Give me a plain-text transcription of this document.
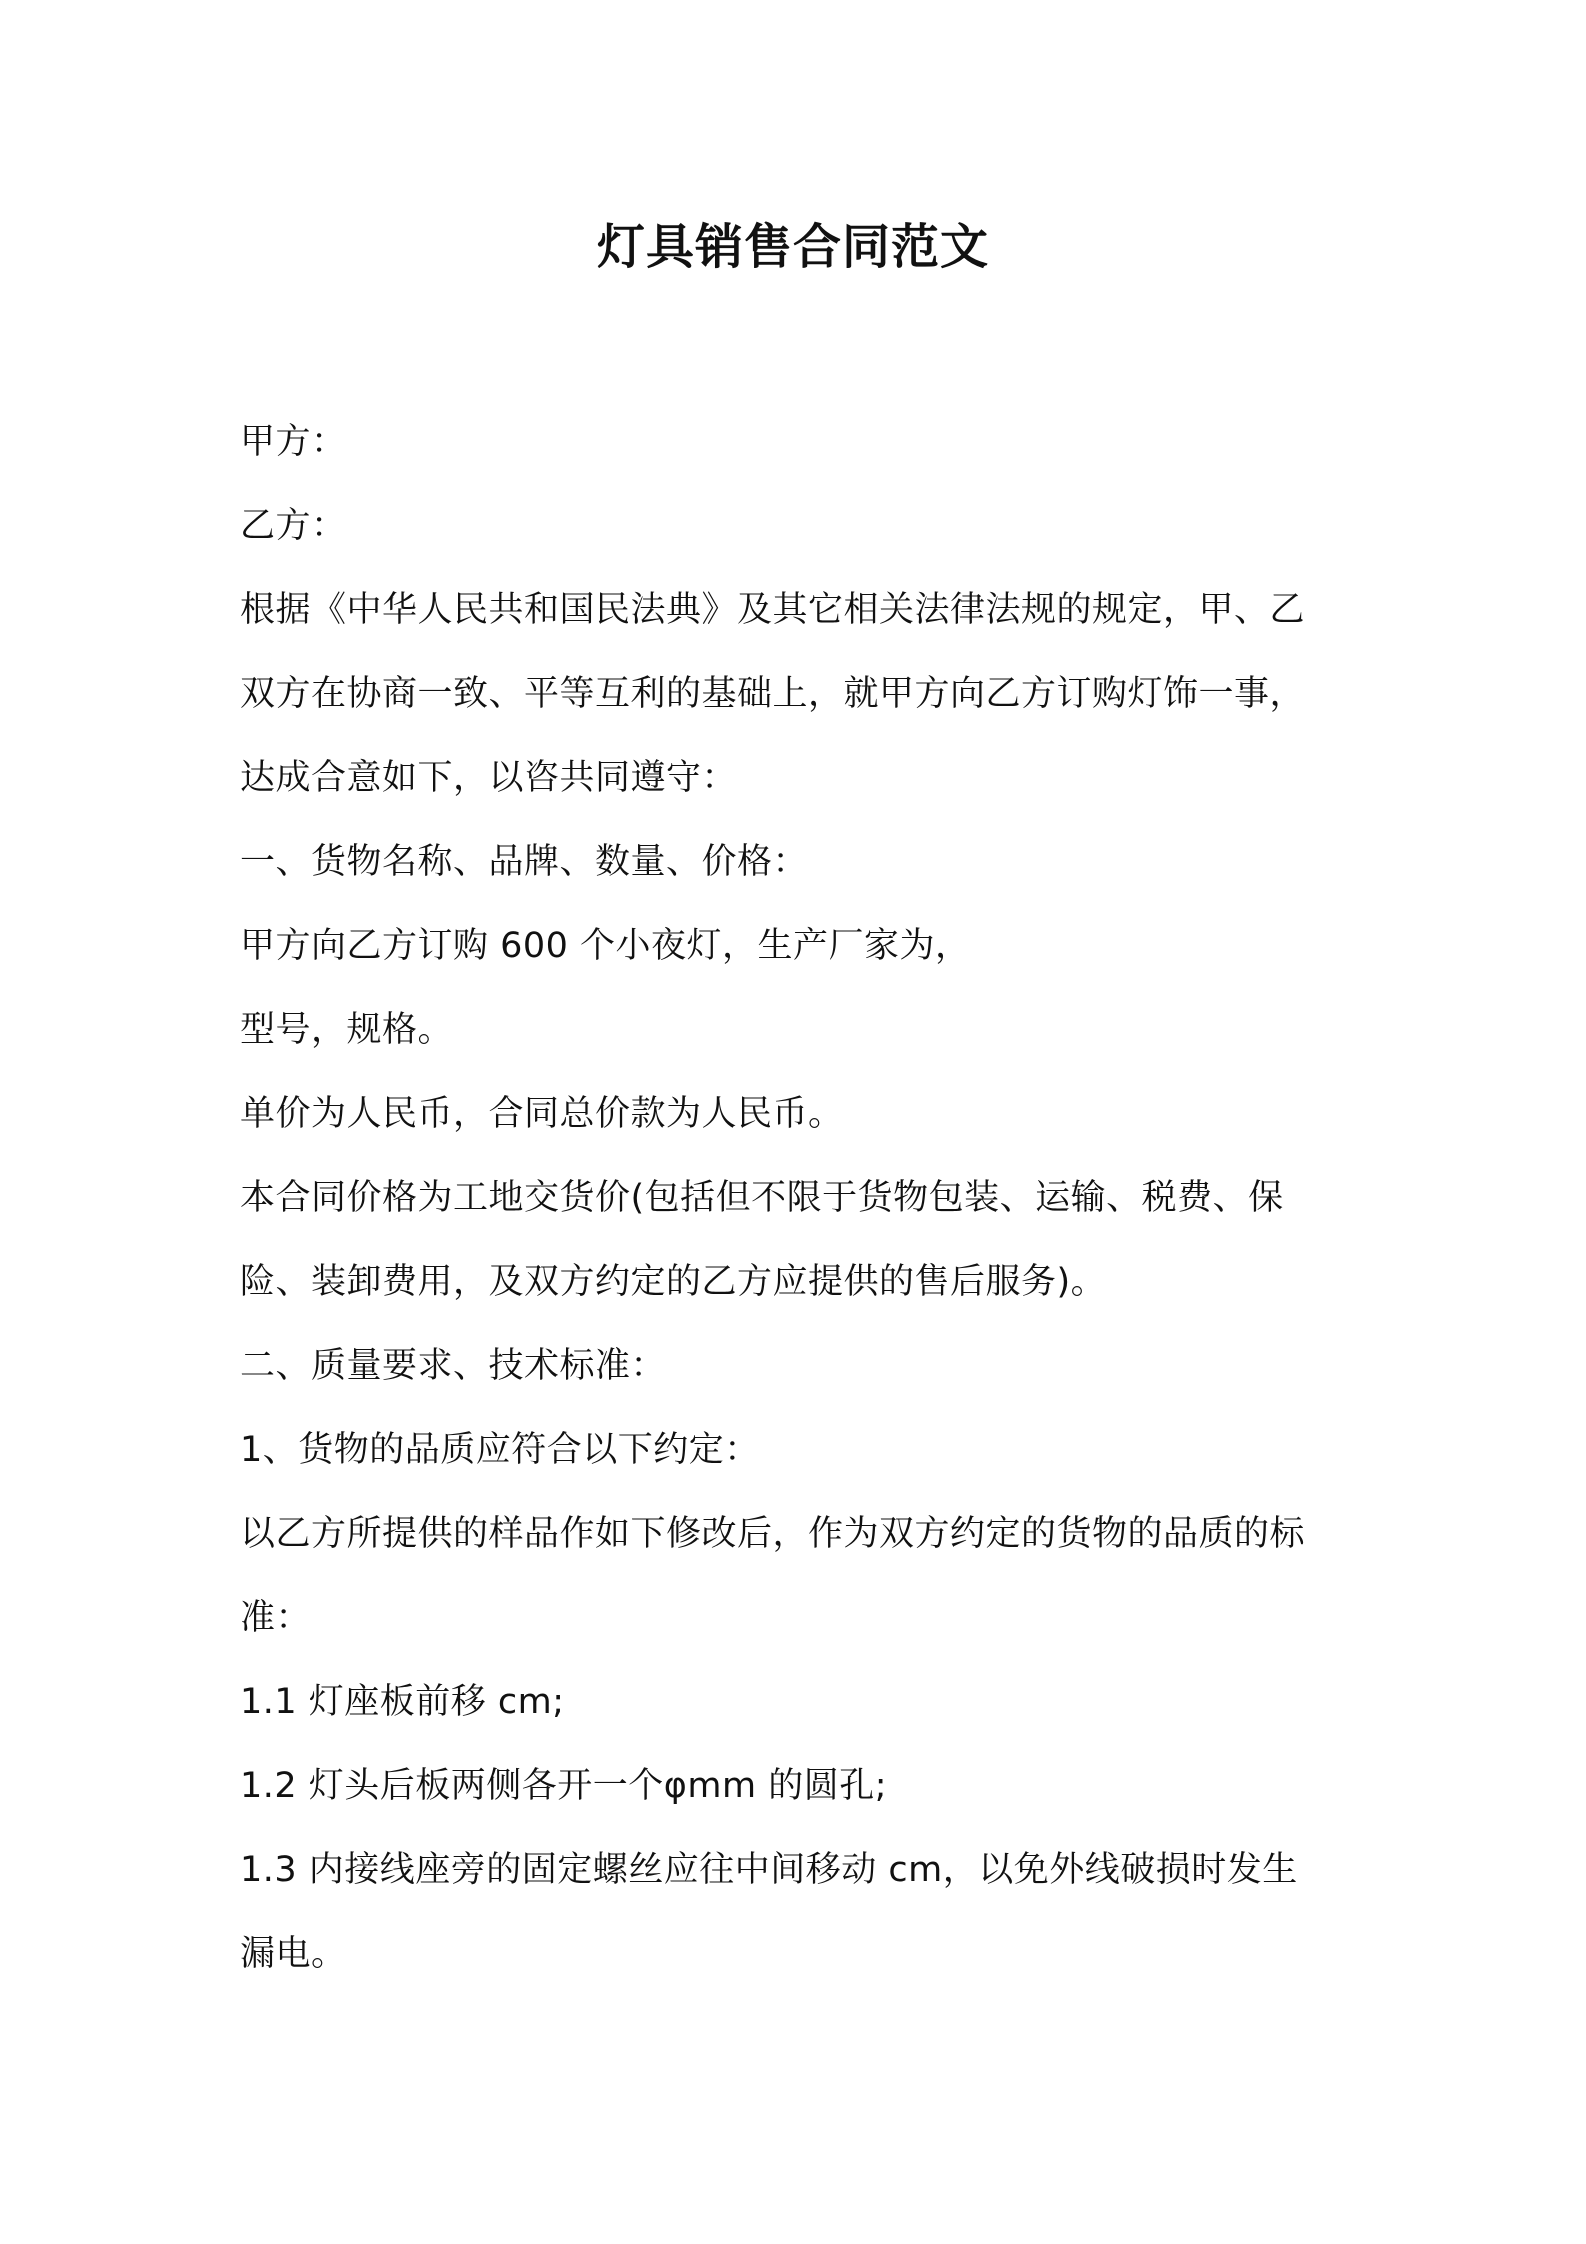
灯具销售合同范文
甲方：
乙方：
根据《中华人民共和国民法典》及其它相关法律法规的规定，甲、乙
双方在协商一致、平等互利的基础上，就甲方向乙方订购灯饰一事，
达成合意如下，以咨共同遵守：
一、货物名称、品牌、数量、价格：
甲方向乙方订购 600 个小夜灯，生产厂家为，
型号，规格。
单价为人民币，合同总价款为人民币。
本合同价格为工地交货价(包括但不限于货物包装、运输、税费、保
险、装卸费用，及双方约定的乙方应提供的售后服务)。
二、质量要求、技术标准：
1、货物的品质应符合以下约定：
以乙方所提供的样品作如下修改后，作为双方约定的货物的品质的标
准：
1.1 灯座板前移 cm;
1.2 灯头后板两侧各开一个φmm 的圆孔;
1.3 内接线座旁的固定螺丝应往中间移动 cm，以免外线破损时发生
漏电。
